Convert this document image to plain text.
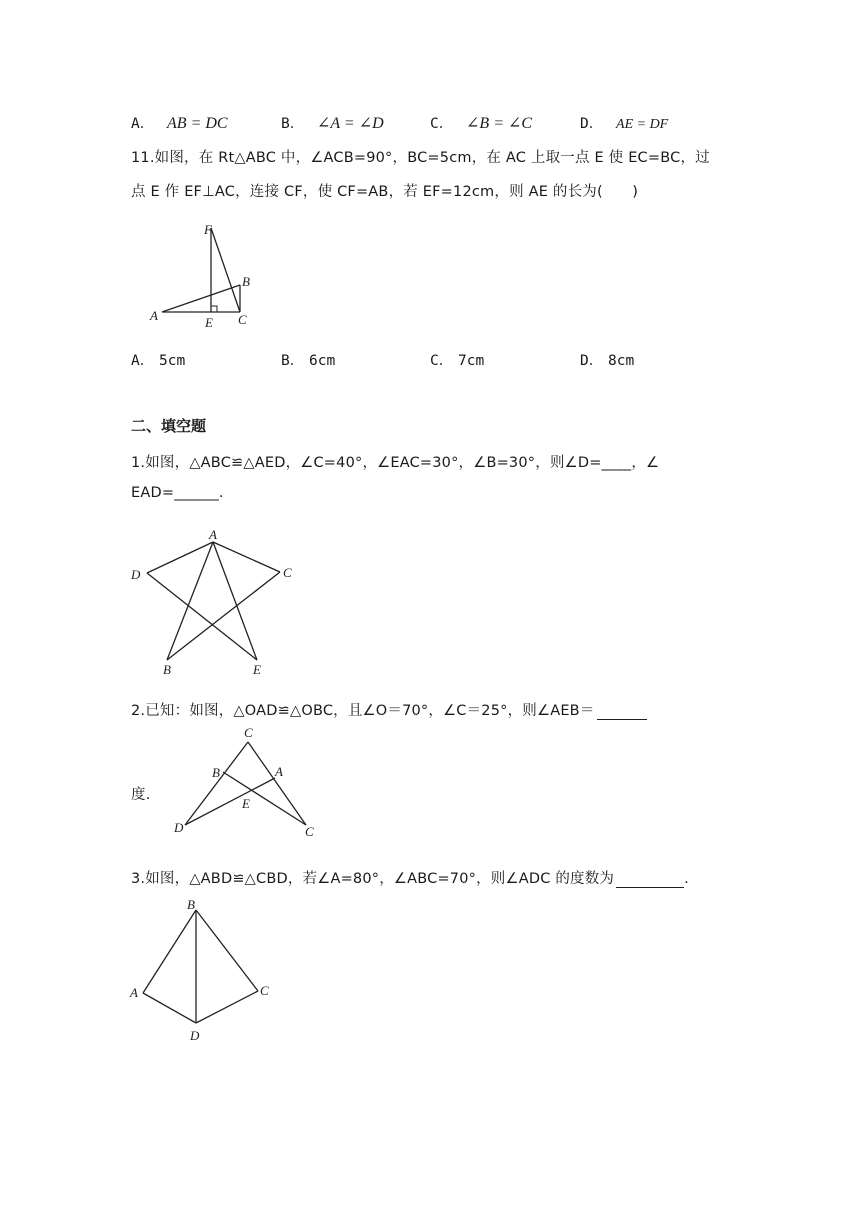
A． AB = DC	B． ∠A = ∠D	C． ∠B = ∠C	D． AE = DF
11.如图，在 Rt△ABC 中，∠ACB=90°，BC=5cm，在 AC 上取一点 E 使 EC=BC，过
点 E 作 EF⊥AC，连接 CF，使 CF=AB，若 EF=12cm，则 AE 的长为(　　)
F
B
A	E C
A． 5cm	B． 6cm	C． 7cm	D． 8cm
二、填空题
1.如图，△ABC≌△AED，∠C=40°，∠EAC=30°，∠B=30°，则∠D=____，∠
EAD=______.
A
D	C
B	E
2.已知：如图，△OAD≌△OBC，且∠O＝70°，∠C＝25°，则∠AEB＝
度.
C
B	A
E
D	C
3.如图，△ABD≌△CBD，若∠A=80°，∠ABC=70°，则∠ADC 的度数为	.
B
A	C
D
